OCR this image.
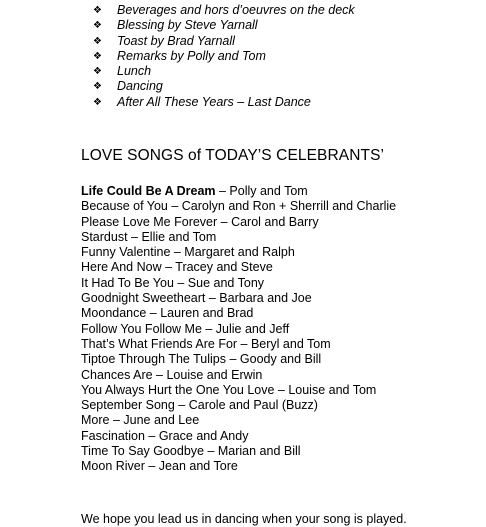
❖ Beverages and hors d’oeuvres on the deck
❖ Blessing by Steve Yarnall
❖ Toast by Brad Yarnall
❖ Remarks by Polly and Tom
❖ Lunch
❖ Dancing
❖ After All These Years – Last Dance
LOVE SONGS of TODAY’S CELEBRANTS’
Life Could Be A Dream – Polly and Tom
Because of You – Carolyn and Ron + Sherrill and Charlie
Please Love Me Forever – Carol and Barry
Stardust – Ellie and Tom
Funny Valentine – Margaret and Ralph
Here And Now – Tracey and Steve
It Had To Be You – Sue and Tony
Goodnight Sweetheart – Barbara and Joe
Moondance – Lauren and Brad
Follow You Follow Me – Julie and Jeff
That’s What Friends Are For – Beryl and Tom
Tiptoe Through The Tulips – Goody and Bill
Chances Are – Louise and Erwin
You Always Hurt the One You Love – Louise and Tom
September Song – Carole and Paul (Buzz)
More – June and Lee
Fascination – Grace and Andy
Time To Say Goodbye – Marian and Bill
Moon River – Jean and Tore
We hope you lead us in dancing when your song is played.
